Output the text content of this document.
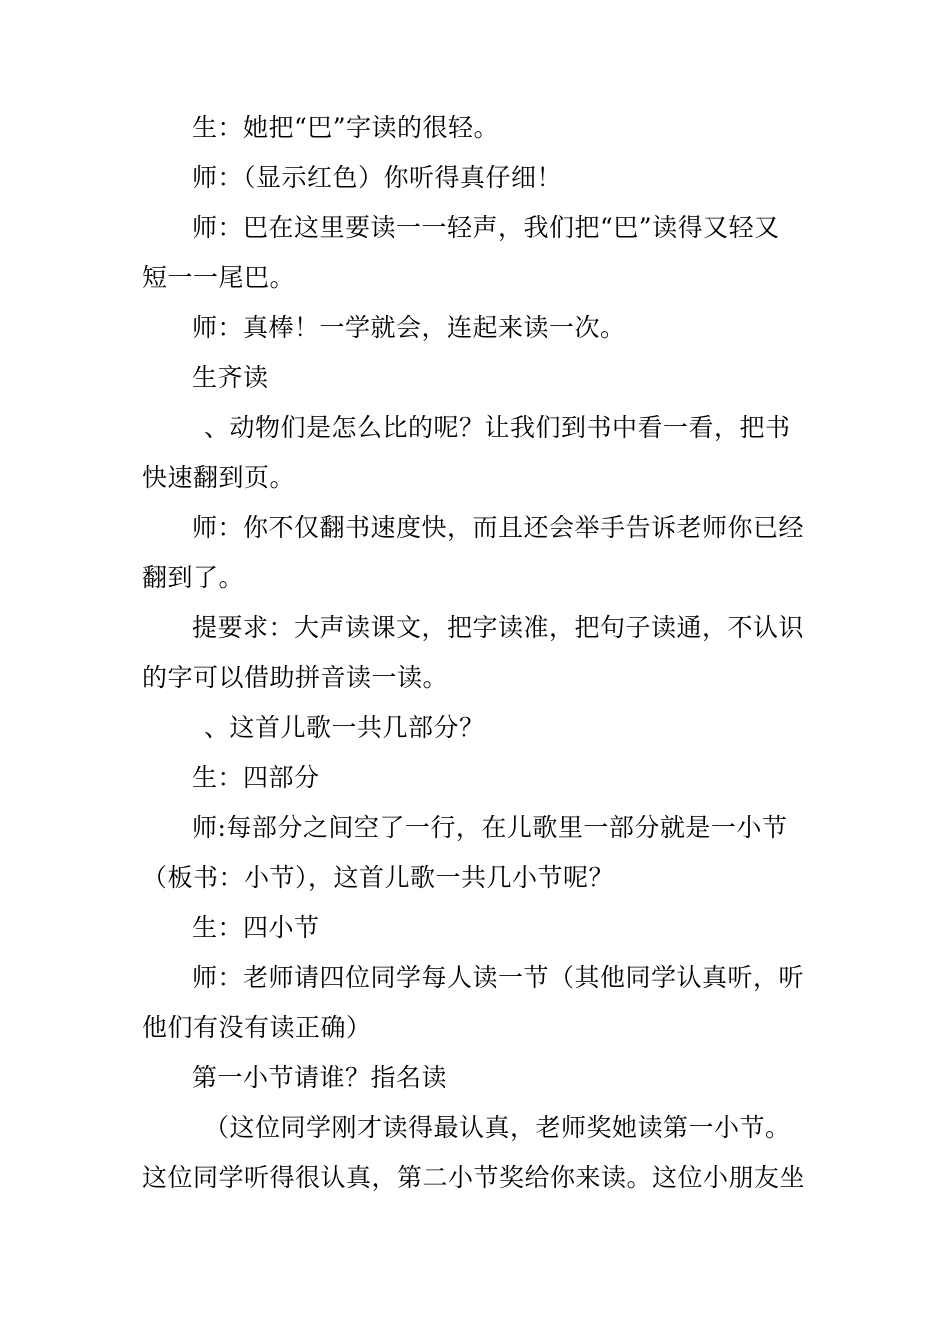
生：她把“巴”字读的很轻。
师：（显示红色）你听得真仔细！
师：巴在这里要读一一轻声，我们把“巴”读得又轻又
短一一尾巴。
师：真棒！一学就会，连起来读一次。
生齐读
、动物们是怎么比的呢？让我们到书中看一看，把书
快速翻到页。
师：你不仅翻书速度快，而且还会举手告诉老师你已经
翻到了。
提要求：大声读课文，把字读准，把句子读通，不认识
的字可以借助拼音读一读。
、这首儿歌一共几部分？
生：四部分
师:每部分之间空了一行，在儿歌里一部分就是一小节
（板书：小节），这首儿歌一共几小节呢？
生：四小节
师：老师请四位同学每人读一节（其他同学认真听，听
他们有没有读正确）
第一小节请谁？指名读
（这位同学刚才读得最认真，老师奖她读第一小节。
这位同学听得很认真，第二小节奖给你来读。这位小朋友坐
